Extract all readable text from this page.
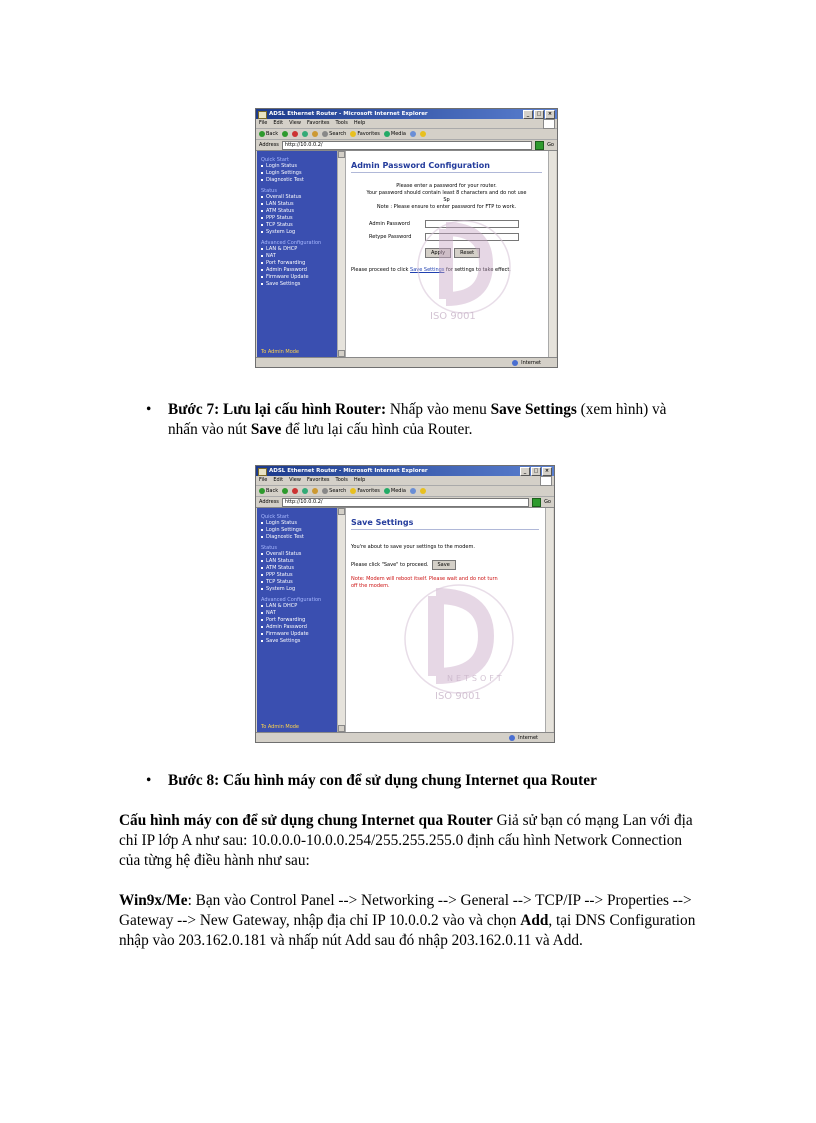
ADSL Ethernet Router - Microsoft Internet Explorer	_	□	×
File Edit View Favorites Tools Help
Back	Search Favorites Media
Address	http://10.0.0.2/	Go
Quick Start
Login Status
Login Settings
Diagnostic Test
Status
Overall Status
LAN Status
ATM Status
PPP Status
TCP Status
System Log
Advanced Configuration
LAN & DHCP
NAT
Port Forwarding
Admin Password
Firmware Update
Save Settings
To Admin Mode
Admin Password Configuration
Please enter a password for your router.
Your password should contain least 8 characters and do not use
Sp
Note : Please ensure to enter password for FTP to work.
Admin Password
Retype Password
Apply	Reset
Please proceed to click Save Settings for settings to take effect.
Internet
ISO 9001
• Bước 7: Lưu lại cấu hình Router: Nhấp vào menu Save Settings (xem hình) và nhấn vào nút Save để lưu lại cấu hình của Router.
ADSL Ethernet Router - Microsoft Internet Explorer	_	□	×
File Edit View Favorites Tools Help
Back	Search Favorites Media
Address	http://10.0.0.2/	Go
Quick Start
Login Status
Login Settings
Diagnostic Test
Status
Overall Status
LAN Status
ATM Status
PPP Status
TCP Status
System Log
Advanced Configuration
LAN & DHCP
NAT
Port Forwarding
Admin Password
Firmware Update
Save Settings
To Admin Mode
Save Settings
You're about to save your settings to the modem.
Please click "Save" to proceed.	Save
Note: Modem will reboot itself. Please wait and do not turn off the modem.
Internet
NETSOFT
ISO 9001
• Bước 8: Cấu hình máy con để sử dụng chung Internet qua Router
Cấu hình máy con để sử dụng chung Internet qua Router Giả sử bạn có mạng Lan với địa chỉ IP lớp A như sau: 10.0.0.0-10.0.0.254/255.255.255.0 định cấu hình Network Connection của từng hệ điều hành như sau:
Win9x/Me: Bạn vào Control Panel --> Networking --> General --> TCP/IP --> Properties --> Gateway --> New Gateway, nhập địa chỉ IP 10.0.0.2 vào và chọn Add, tại DNS Configuration nhập vào 203.162.0.181 và nhấp nút Add sau đó nhập 203.162.0.11 và Add.
